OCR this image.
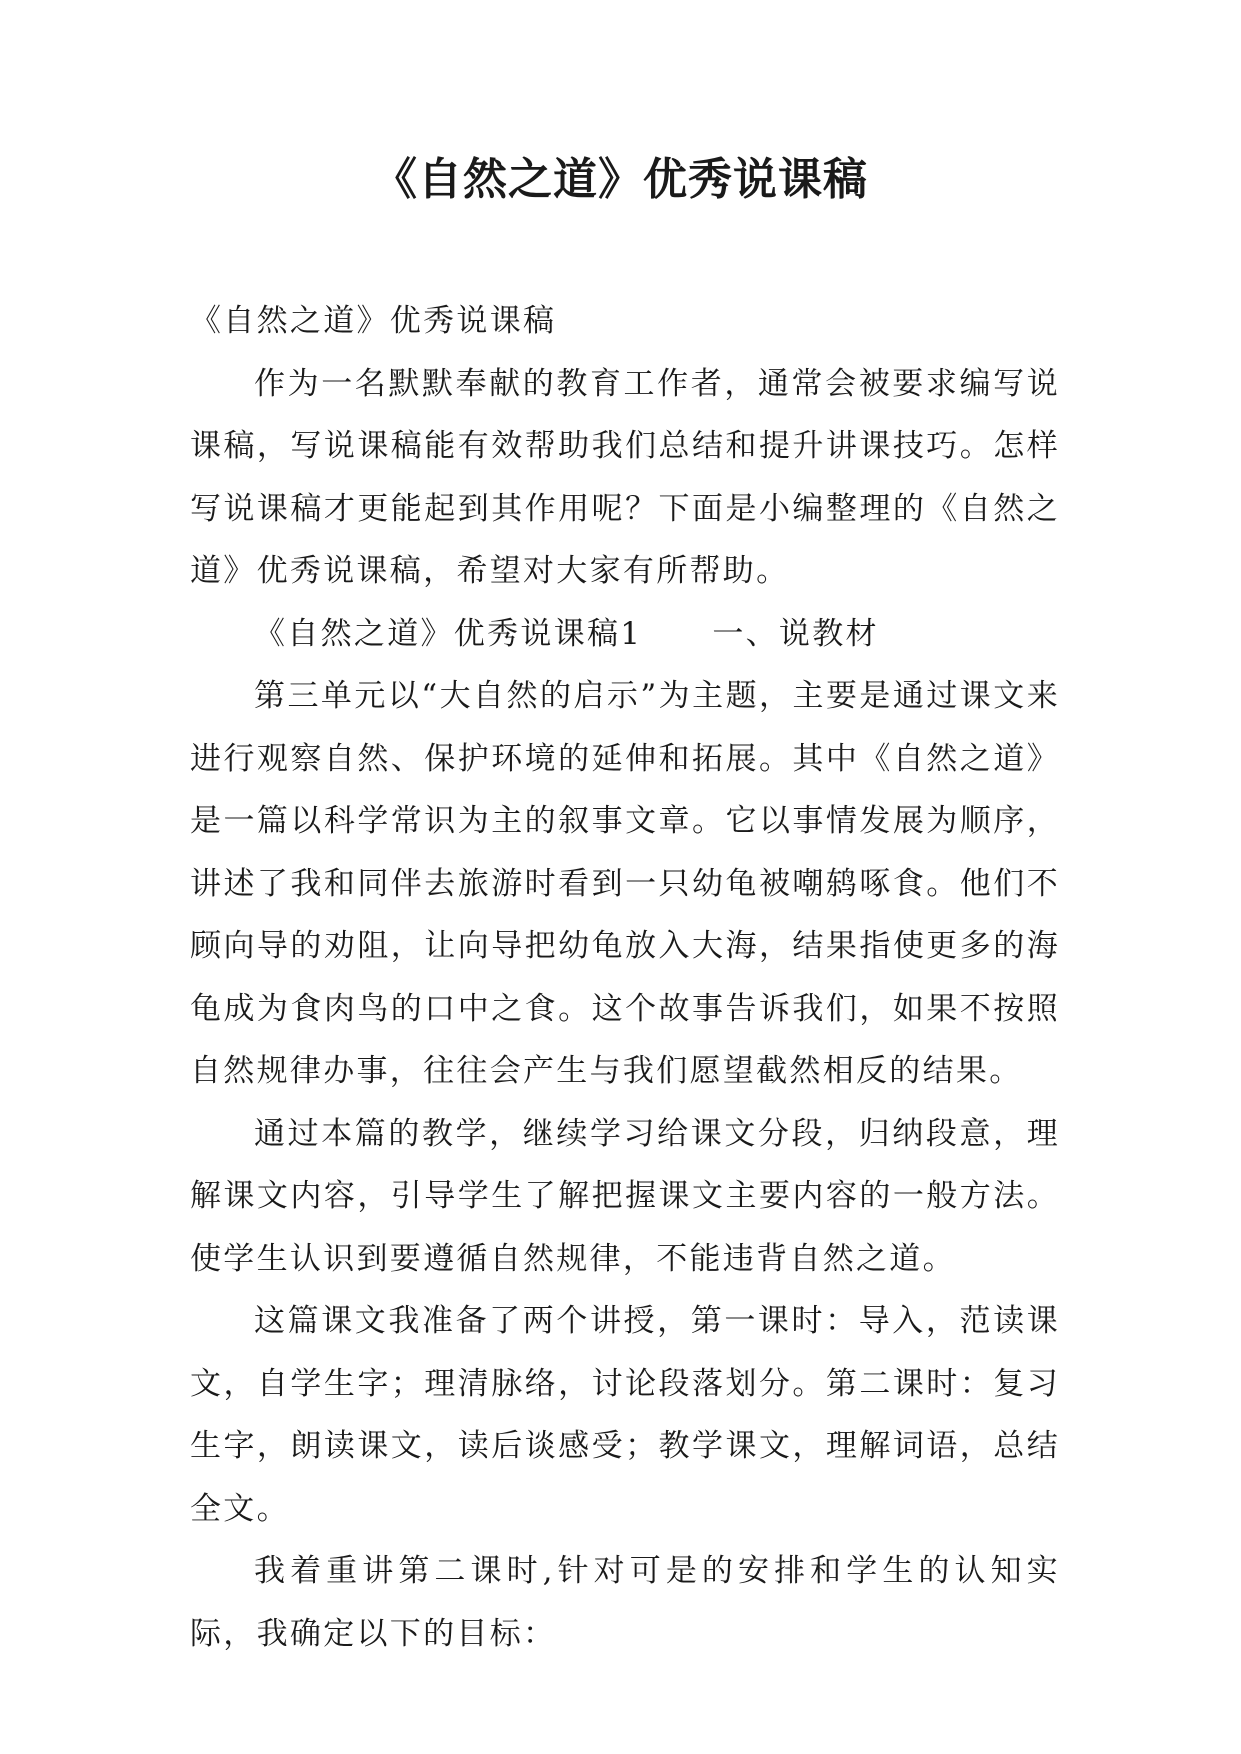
《自然之道》优秀说课稿

《自然之道》优秀说课稿

作为一名默默奉献的教育工作者，通常会被要求编写说课稿，写说课稿能有效帮助我们总结和提升讲课技巧。怎样写说课稿才更能起到其作用呢？下面是小编整理的《自然之道》优秀说课稿，希望对大家有所帮助。

《自然之道》优秀说课稿1 一、说教材

第三单元以“大自然的启示”为主题，主要是通过课文来进行观察自然、保护环境的延伸和拓展。其中《自然之道》是一篇以科学常识为主的叙事文章。它以事情发展为顺序，讲述了我和同伴去旅游时看到一只幼龟被嘲鸫啄食。他们不顾向导的劝阻，让向导把幼龟放入大海，结果指使更多的海龟成为食肉鸟的口中之食。这个故事告诉我们，如果不按照自然规律办事，往往会产生与我们愿望截然相反的结果。

通过本篇的教学，继续学习给课文分段，归纳段意，理解课文内容，引导学生了解把握课文主要内容的一般方法。使学生认识到要遵循自然规律，不能违背自然之道。

这篇课文我准备了两个讲授，第一课时：导入，范读课文，自学生字；理清脉络，讨论段落划分。第二课时：复习生字，朗读课文，读后谈感受；教学课文，理解词语，总结全文。

我着重讲第二课时,针对可是的安排和学生的认知实际，我确定以下的目标：
